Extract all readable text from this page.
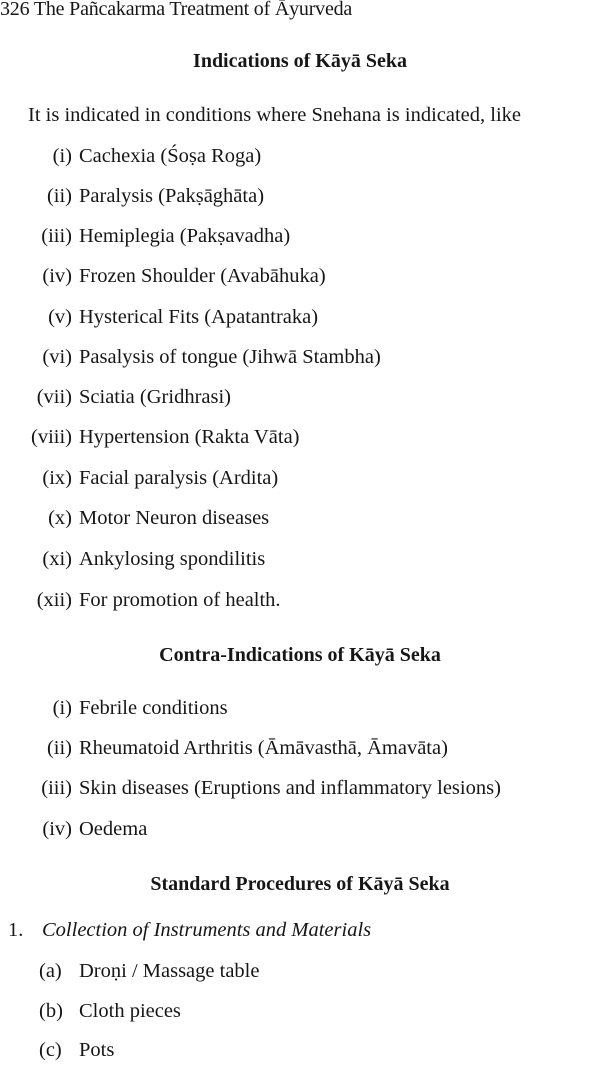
326 The Pañcakarma Treatment of Āyurveda
Indications of Kāyā Seka
It is indicated in conditions where Snehana is indicated, like
(i) Cachexia (Śoṣa Roga)
(ii) Paralysis (Pakṣāghāta)
(iii) Hemiplegia (Pakṣavadha)
(iv) Frozen Shoulder (Avabāhuka)
(v) Hysterical Fits (Apatantraka)
(vi) Pasalysis of tongue (Jihwā Stambha)
(vii) Sciatia (Gridhrasi)
(viii) Hypertension (Rakta Vāta)
(ix) Facial paralysis (Ardita)
(x) Motor Neuron diseases
(xi) Ankylosing spondilitis
(xii) For promotion of health.
Contra-Indications of Kāyā Seka
(i) Febrile conditions
(ii) Rheumatoid Arthritis (Āmāvasthā, Āmavāta)
(iii) Skin diseases (Eruptions and inflammatory lesions)
(iv) Oedema
Standard Procedures of Kāyā Seka
1. Collection of Instruments and Materials
(a) Droṇi / Massage table
(b) Cloth pieces
(c) Pots
